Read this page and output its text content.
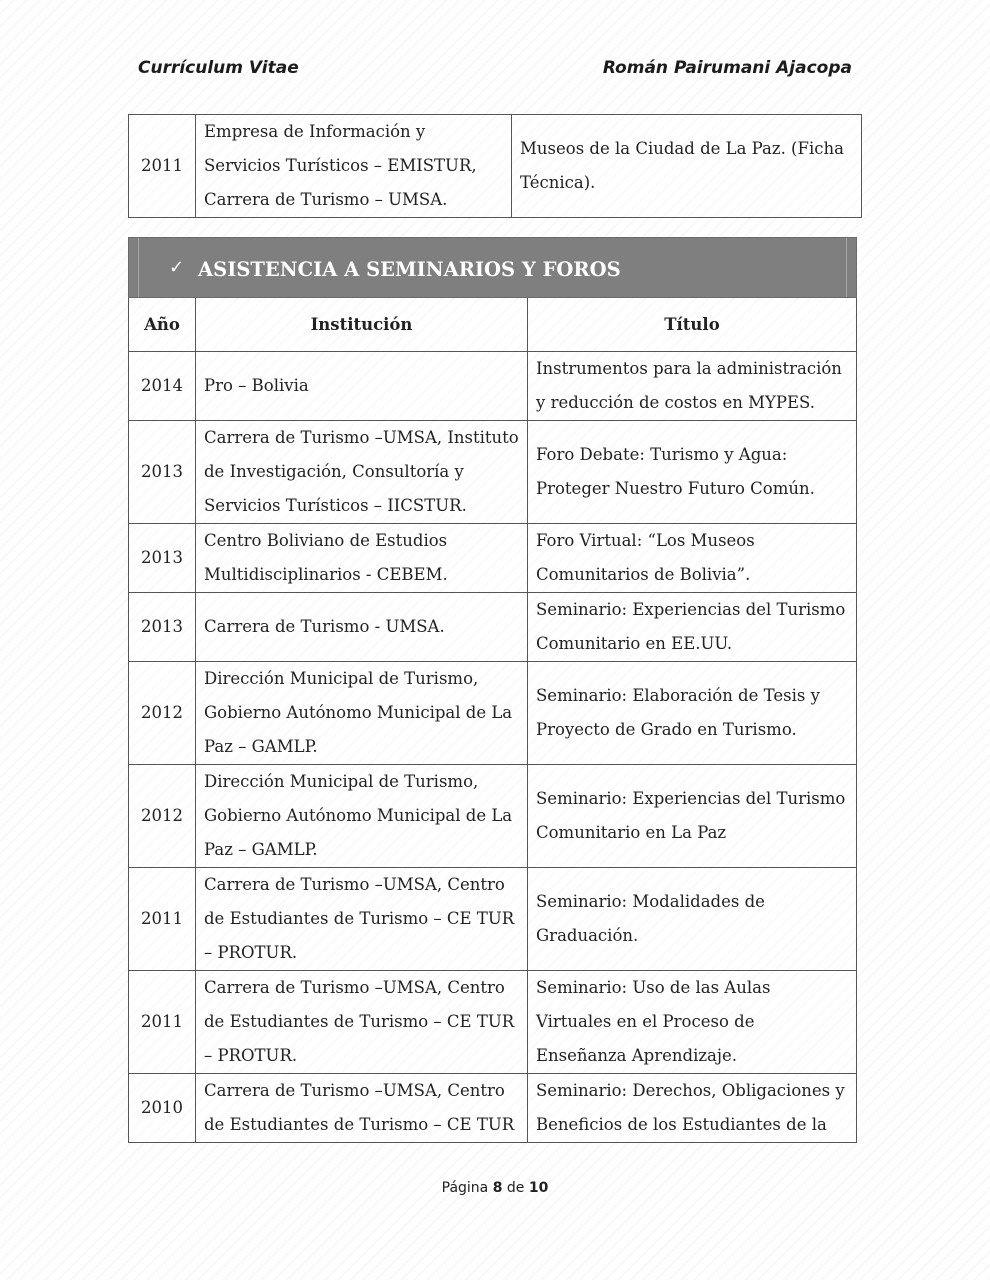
Currículum Vitae	Román Pairumani Ajacopa
2011	Empresa de Información y Servicios Turísticos – EMISTUR, Carrera de Turismo – UMSA.	Museos de la Ciudad de La Paz. (Ficha Técnica).
✓ ASISTENCIA A SEMINARIOS Y FOROS		

Año	Institución	Título
2014	Pro – Bolivia	Instrumentos para la administración y reducción de costos en MYPES.
2013	Carrera de Turismo –UMSA, Instituto de Investigación, Consultoría y Servicios Turísticos – IICSTUR.	Foro Debate: Turismo y Agua: Proteger Nuestro Futuro Común.
2013	Centro Boliviano de Estudios Multidisciplinarios - CEBEM.	Foro Virtual: “Los Museos Comunitarios de Bolivia”.
2013	Carrera de Turismo - UMSA.	Seminario: Experiencias del Turismo Comunitario en EE.UU.
2012	Dirección Municipal de Turismo, Gobierno Autónomo Municipal de La Paz – GAMLP.	Seminario: Elaboración de Tesis y Proyecto de Grado en Turismo.
2012	Dirección Municipal de Turismo, Gobierno Autónomo Municipal de La Paz – GAMLP.	Seminario: Experiencias del Turismo Comunitario en La Paz
2011	Carrera de Turismo –UMSA, Centro de Estudiantes de Turismo – CE TUR – PROTUR.	Seminario: Modalidades de Graduación.
2011	Carrera de Turismo –UMSA, Centro de Estudiantes de Turismo – CE TUR – PROTUR.	Seminario: Uso de las Aulas Virtuales en el Proceso de Enseñanza Aprendizaje.
2010	Carrera de Turismo –UMSA, Centro de Estudiantes de Turismo – CE TUR	Seminario: Derechos, Obligaciones y Beneficios de los Estudiantes de la
Página 8 de 10
